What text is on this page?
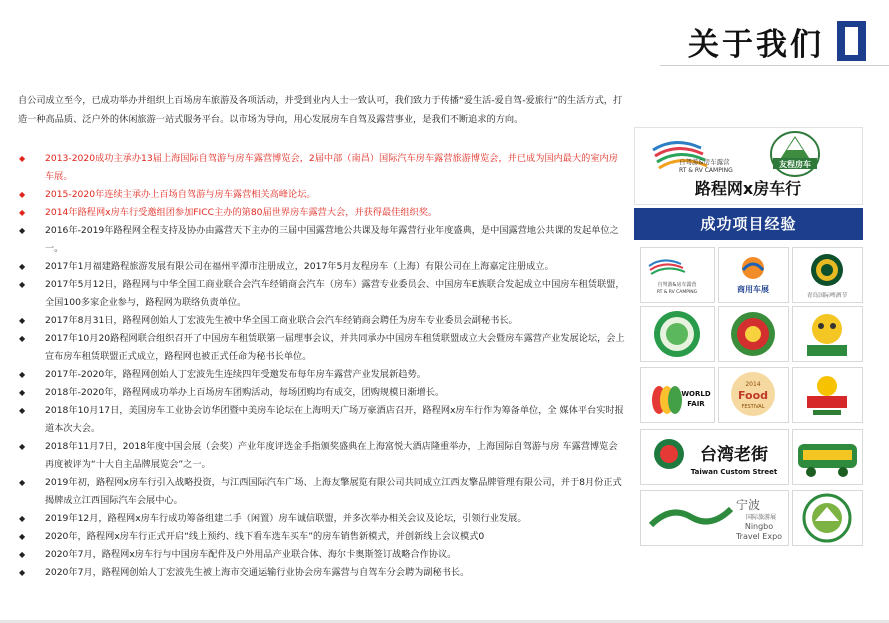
关于我们
自公司成立至今，已成功举办并组织上百场房车旅游及各项活动，并受到业内人士一致认可，我们致力于传播“爱生活-爱自驾-爱旅行”的生活方式，打造一种高品质、泛户外的休闲旅游一站式服务平台。以市场为导向，用心发展房车自驾及露营事业，是我们不断追求的方向。
◆ 2013-2020成功主承办13届上海国际自驾游与房车露营博览会，2届中部（南昌）国际汽车房车露营旅游博览会，并已成为国内最大的室内房车展。
◆ 2015-2020年连续主承办上百场自驾游与房车露营相关高峰论坛。
◆ 2014年路程网x房车行受邀组团参加FICC主办的第80届世界房车露营大会，并获得最佳组织奖。
◆ 2016年-2019年路程网全程支持及协办由露营天下主办的三届中国露营地公共课及每年露营行业年度盛典，是中国露营地公共课的发起单位之一。
◆ 2017年1月福建路程旅游发展有限公司在福州平潭市注册成立，2017年5月友程房车（上海）有限公司在上海嘉定注册成立。
◆ 2017年5月12日，路程网与中华全国工商业联合会汽车经销商会汽车（房车）露营专业委员会、中国房车E族联合发起成立中国房车租赁联盟，全国100多家企业参与，路程网为联络负责单位。
◆ 2017年8月31日，路程网创始人丁宏波先生被中华全国工商业联合会汽车经销商会聘任为房车专业委员会副秘书长。
◆ 2017年10月20路程网联合组织召开了中国房车租赁联第一届理事会议，并共同承办中国房车租赁联盟成立大会暨房车露营产业发展论坛，会上宣布房车租赁联盟正式成立，路程网也被正式任命为秘书长单位。
◆ 2017年-2020年，路程网创始人丁宏波先生连续四年受邀发布每年房车露营产业发展新趋势。
◆ 2018年-2020年，路程网成功举办上百场房车团购活动，每场团购均有成交，团购规模日渐增长。
◆ 2018年10月17日，美国房车工业协会访华团暨中美房车论坛在上海明天广场万豪酒店召开，路程网x房车行作为筹备单位，全 媒体平台实时报道本次大会。
◆ 2018年11月7日，2018年度中国会展（会奖）产业年度评选金手指颁奖盛典在上海富悦大酒店隆重举办，上海国际自驾游与房 车露营博览会再度被评为“十大自主品牌展览会”之一。
◆ 2019年初，路程网x房车行引入战略投资，与江西国际汽车广场、上海友擎展览有限公司共同成立江西友擎品牌管理有限公司，并于8月份正式揭牌成立江西国际汽车会展中心。
◆ 2019年12月，路程网x房车行成功筹备组建二手（闲置）房车诚信联盟，并多次举办相关会议及论坛，引领行业发展。
◆ 2020年，路程网x房车行正式开启“线上预约、线下看车选车买车”的房车销售新模式，并创新线上会议模式0
◆ 2020年7月，路程网x房车行与中国房车配件及户外用品产业联合体、海尔卡奥斯签订战略合作协议。
◆ 2020年7月，路程网创始人丁宏波先生被上海市交通运输行业协会房车露营与自驾车分会聘为副秘书长。
自驾游&房车露营
RT & RV CAMPING
友程房车
路程网x房车行
成功项目经验
自驾游&房车露营
RT & RV CAMPING	商用车展
青岛国际啤酒节
WORLD
FAIR
2014
Food
FESTIVAL
台湾老街
Taiwan Custom Street
宁波
国际旅游展
Ningbo
Travel Expo
